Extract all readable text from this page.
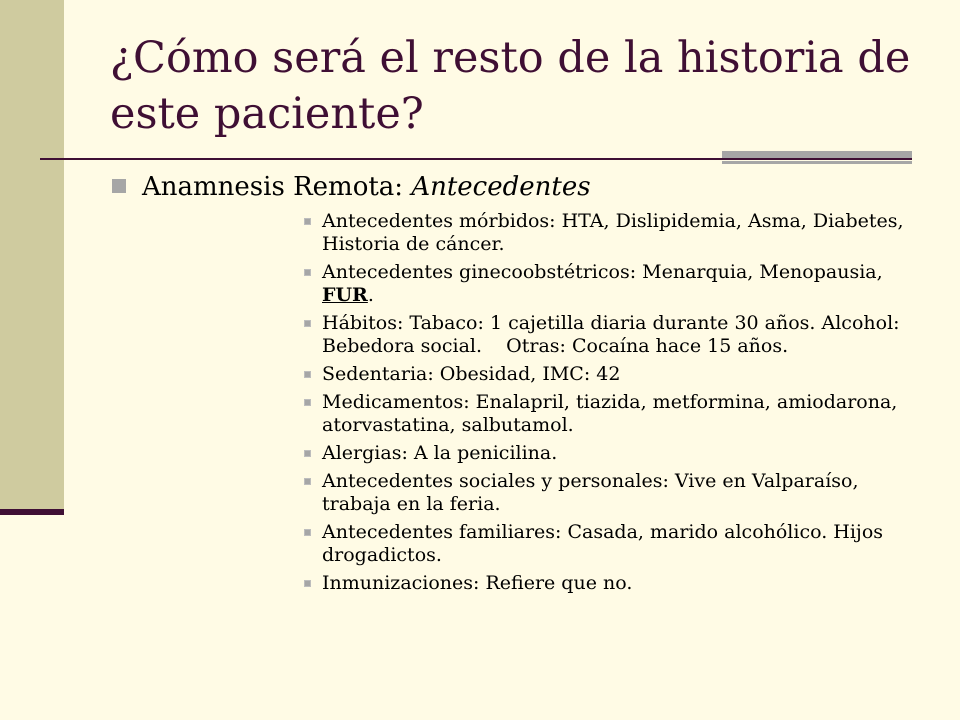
¿Cómo será el resto de la historia de este paciente?
Anamnesis Remota: Antecedentes
Antecedentes mórbidos: HTA, Dislipidemia, Asma, Diabetes, Historia de cáncer.
Antecedentes ginecoobstétricos: Menarquia, Menopausia, FUR.
Hábitos: Tabaco: 1 cajetilla diaria durante 30 años. Alcohol: Bebedora social.    Otras: Cocaína hace 15 años.
Sedentaria: Obesidad, IMC: 42
Medicamentos: Enalapril, tiazida, metformina, amiodarona, atorvastatina, salbutamol.
Alergias: A la penicilina.
Antecedentes sociales y personales: Vive en Valparaíso, trabaja en la feria.
Antecedentes familiares: Casada, marido alcohólico. Hijos drogadictos.
Inmunizaciones: Refiere que no.
